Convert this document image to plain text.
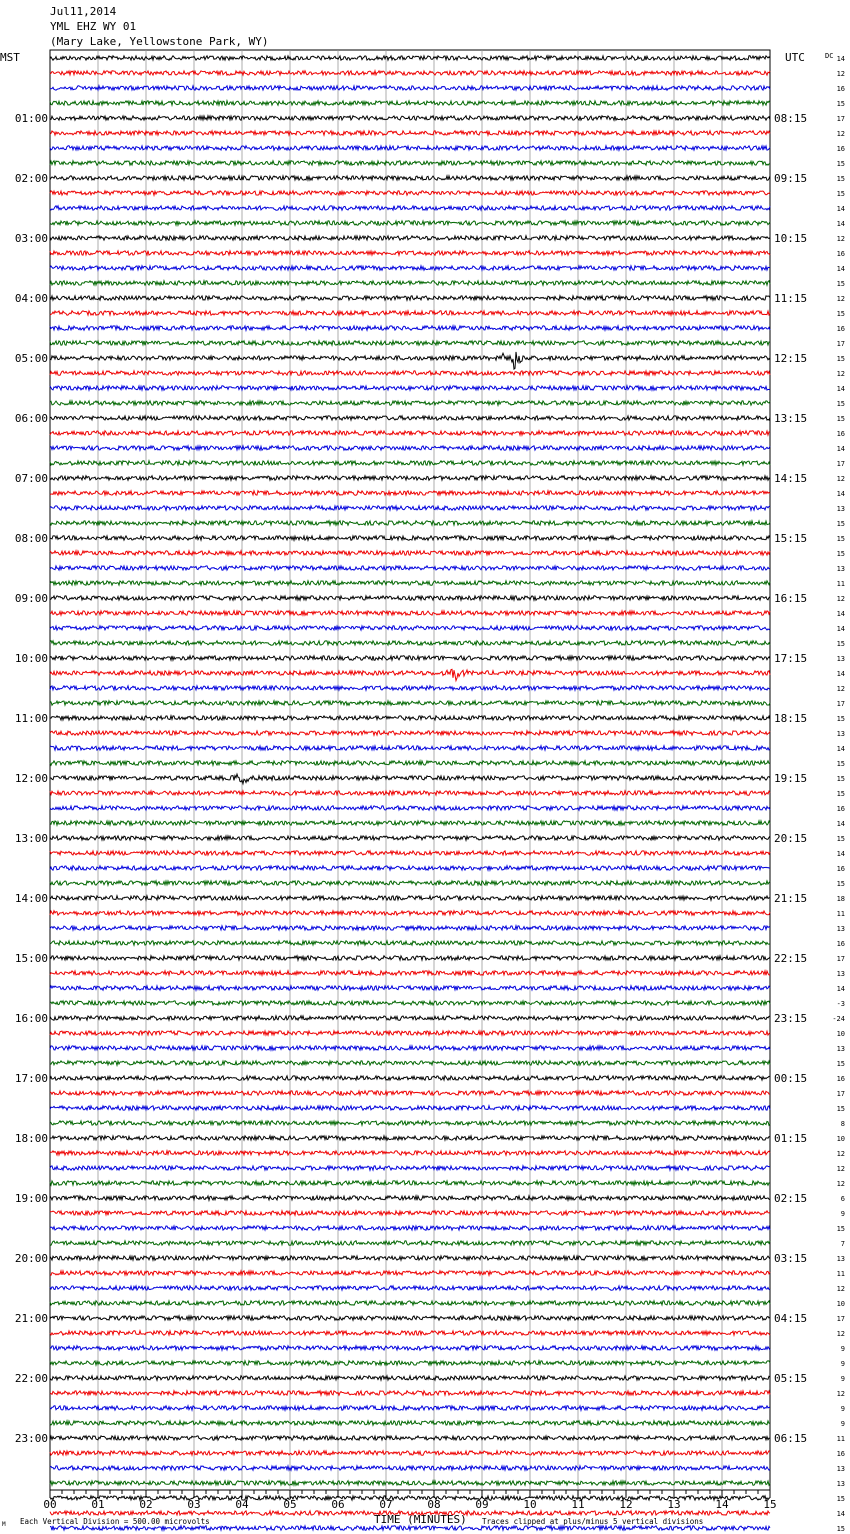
Jul11,2014
YML EHZ WY 01
(Mary Lake, Yellowstone Park, WY)
00	01	02	03	04	05	06	07	08	09	10	11	12	13	14	15
01:00
02:00
03:00
04:00
05:00
06:00
07:00
08:00
09:00
10:00
11:00
12:00
13:00
14:00
15:00
16:00
17:00
18:00
19:00
20:00
21:00
22:00
23:00
08:15
09:15
10:15
11:15
12:15
13:15
14:15
15:15
16:15
17:15
18:15
19:15
20:15
21:15
22:15
23:15
00:15
01:15
02:15
03:15
04:15
05:15
06:15
14
12
16
15
17
12
16
15
15
15
14
14
12
16
14
15
12
15
16
17
15
12
14
15
15
16
14
17
12
14
13
15
15
15
13
11
12
14
14
15
13
14
12
17
15
13
14
15
15
15
16
14
15
14
16
15
18
11
13
16
17
13
14
-3
-24
10
13
15
16
17
15
8
10
12
12
12
6
9
15
7
13
11
12
10
17
12
9
9
9
12
9
9
11
16
13
13
15
14
15
MST	UTC	DC
TIME (MINUTES)
Each Vertical Division = 500.00 microvolts	Traces clipped at plus/minus 5 vertical divisions
M
